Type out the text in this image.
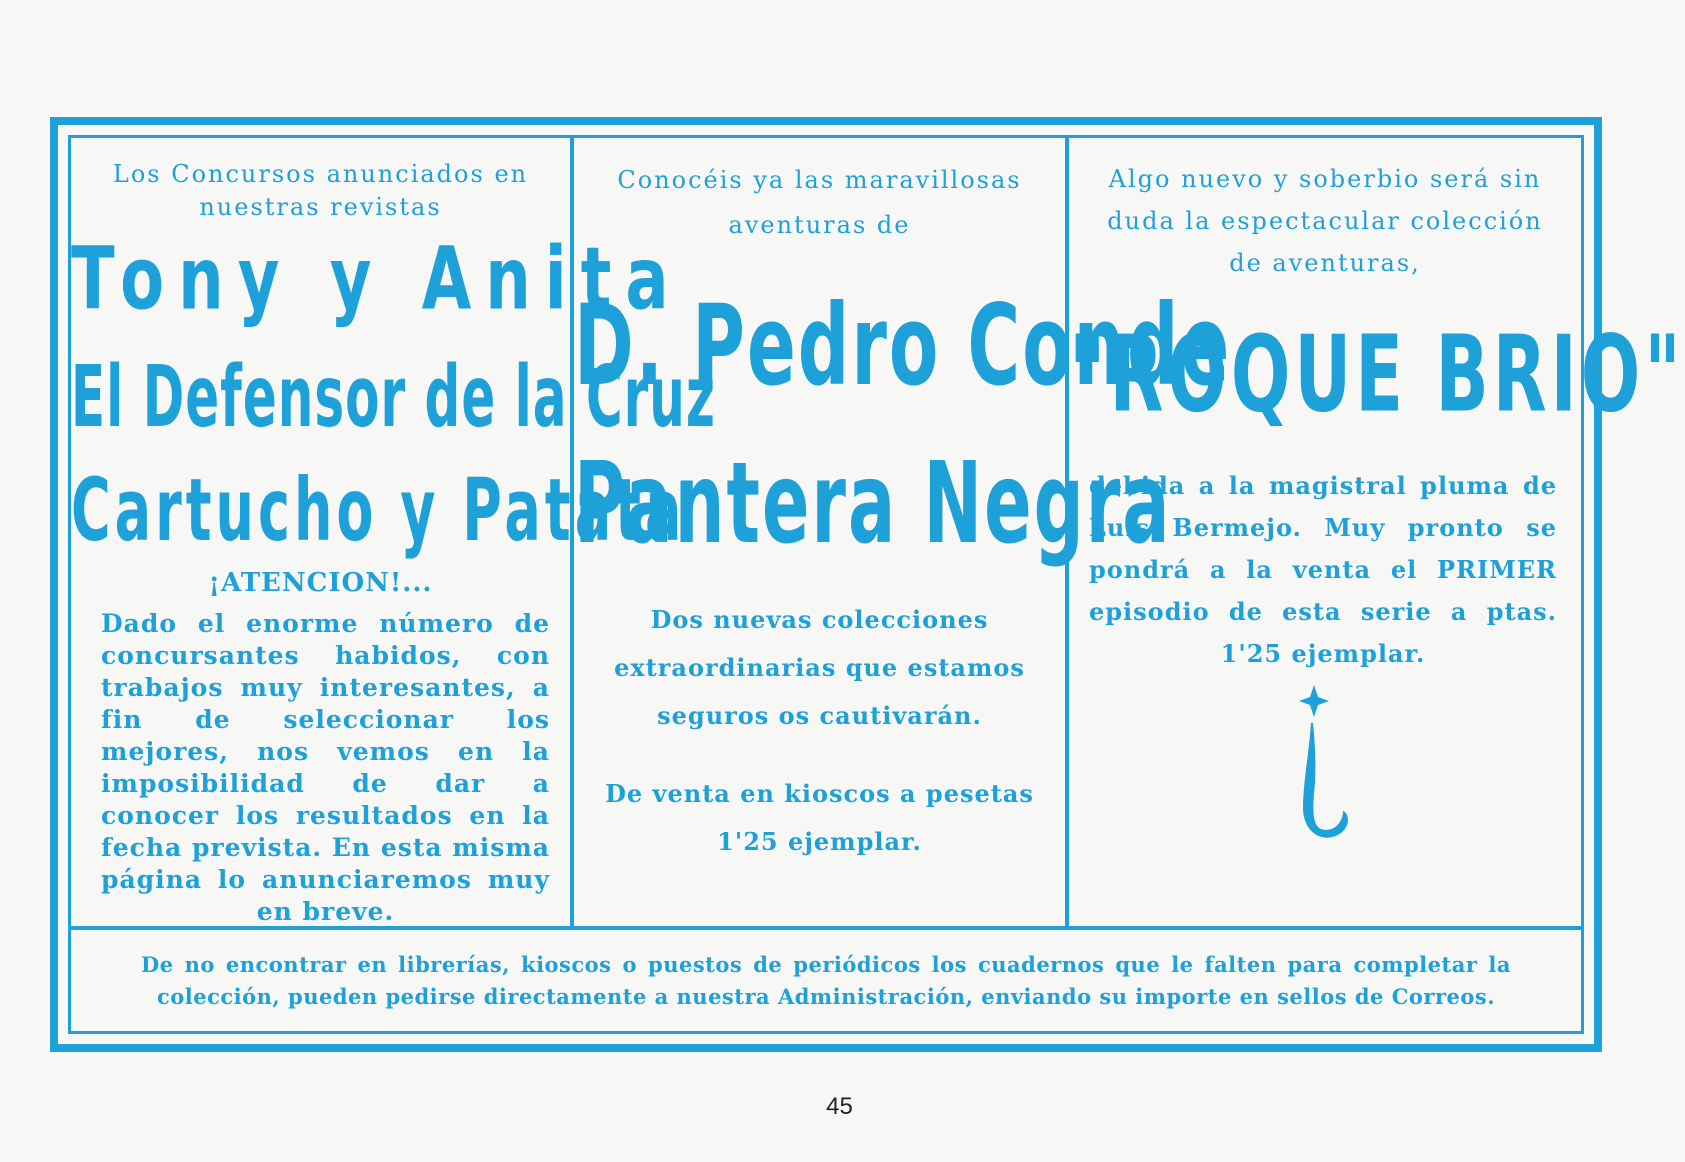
Los Concursos anunciados en nuestras revistas

Tony y Anita

El Defensor de la Cruz

Cartucho y Patata

¡ATENCION!...

Dado el enorme número de concursantes habidos, con trabajos muy interesantes, a fin de seleccionar los mejores, nos vemos en la imposibilidad de dar a conocer los resultados en la fecha prevista. En esta misma página lo anunciaremos muy en breve.

Conocéis ya las maravillosas aventuras de

D. Pedro Conde

Pantera Negra

Dos nuevas colecciones extraordinarias que estamos seguros os cautivarán.

De venta en kioscos a pesetas 1'25 ejemplar.

Algo nuevo y soberbio será sin duda la espectacular colección de aventuras,

"ROQUE BRIO"

debida a la magistral pluma de Luis Bermejo. Muy pronto se pondrá a la venta el PRIMER episodio de esta serie a ptas. 1'25 ejemplar.

De no encontrar en librerías, kioscos o puestos de periódicos los cuadernos que le falten para completar la colección, pueden pedirse directamente a nuestra Administración, enviando su importe en sellos de Correos.

45
